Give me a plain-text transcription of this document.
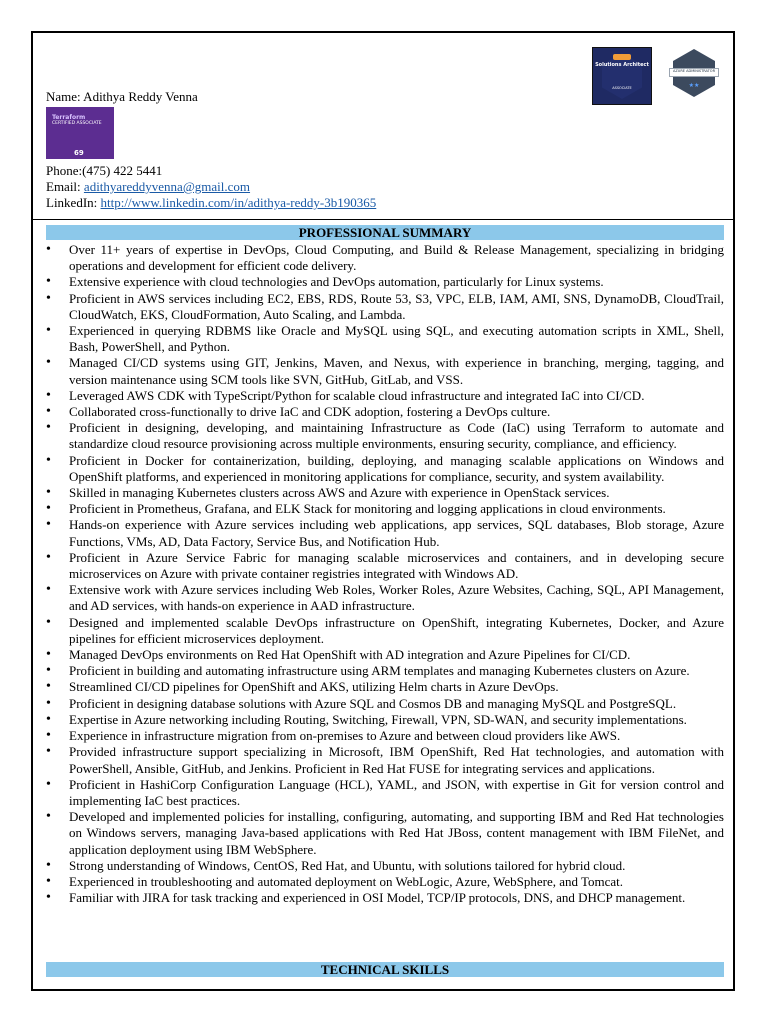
Solutions Architect
ASSOCIATE
AZURE ADMINISTRATOR
★★
Name: Adithya Reddy Venna
Terraform
CERTIFIED ASSOCIATE
69
Phone:(475) 422 5441
Email: adithyareddyvenna@gmail.com
LinkedIn: http://www.linkedin.com/in/adithya-reddy-3b190365
PROFESSIONAL SUMMARY
• Over 11+ years of expertise in DevOps, Cloud Computing, and Build & Release Management, specializing in bridging operations and development for efficient code delivery.
• Extensive experience with cloud technologies and DevOps automation, particularly for Linux systems.
• Proficient in AWS services including EC2, EBS, RDS, Route 53, S3, VPC, ELB, IAM, AMI, SNS, DynamoDB, CloudTrail, CloudWatch, EKS, CloudFormation, Auto Scaling, and Lambda.
• Experienced in querying RDBMS like Oracle and MySQL using SQL, and executing automation scripts in XML, Shell, Bash, PowerShell, and Python.
• Managed CI/CD systems using GIT, Jenkins, Maven, and Nexus, with experience in branching, merging, tagging, and version maintenance using SCM tools like SVN, GitHub, GitLab, and VSS.
• Leveraged AWS CDK with TypeScript/Python for scalable cloud infrastructure and integrated IaC into CI/CD.
• Collaborated cross-functionally to drive IaC and CDK adoption, fostering a DevOps culture.
• Proficient in designing, developing, and maintaining Infrastructure as Code (IaC) using Terraform to automate and standardize cloud resource provisioning across multiple environments, ensuring security, compliance, and efficiency.
• Proficient in Docker for containerization, building, deploying, and managing scalable applications on Windows and OpenShift platforms, and experienced in monitoring applications for compliance, security, and system availability.
• Skilled in managing Kubernetes clusters across AWS and Azure with experience in OpenStack services.
• Proficient in Prometheus, Grafana, and ELK Stack for monitoring and logging applications in cloud environments.
• Hands-on experience with Azure services including web applications, app services, SQL databases, Blob storage, Azure Functions, VMs, AD, Data Factory, Service Bus, and Notification Hub.
• Proficient in Azure Service Fabric for managing scalable microservices and containers, and in developing secure microservices on Azure with private container registries integrated with Windows AD.
• Extensive work with Azure services including Web Roles, Worker Roles, Azure Websites, Caching, SQL, API Management, and AD services, with hands-on experience in AAD infrastructure.
• Designed and implemented scalable DevOps infrastructure on OpenShift, integrating Kubernetes, Docker, and Azure pipelines for efficient microservices deployment.
• Managed DevOps environments on Red Hat OpenShift with AD integration and Azure Pipelines for CI/CD.
• Proficient in building and automating infrastructure using ARM templates and managing Kubernetes clusters on Azure.
• Streamlined CI/CD pipelines for OpenShift and AKS, utilizing Helm charts in Azure DevOps.
• Proficient in designing database solutions with Azure SQL and Cosmos DB and managing MySQL and PostgreSQL.
• Expertise in Azure networking including Routing, Switching, Firewall, VPN, SD-WAN, and security implementations.
• Experience in infrastructure migration from on-premises to Azure and between cloud providers like AWS.
• Provided infrastructure support specializing in Microsoft, IBM OpenShift, Red Hat technologies, and automation with PowerShell, Ansible, GitHub, and Jenkins. Proficient in Red Hat FUSE for integrating services and applications.
• Proficient in HashiCorp Configuration Language (HCL), YAML, and JSON, with expertise in Git for version control and implementing IaC best practices.
• Developed and implemented policies for installing, configuring, automating, and supporting IBM and Red Hat technologies on Windows servers, managing Java-based applications with Red Hat JBoss, content management with IBM FileNet, and application deployment using IBM WebSphere.
• Strong understanding of Windows, CentOS, Red Hat, and Ubuntu, with solutions tailored for hybrid cloud.
• Experienced in troubleshooting and automated deployment on WebLogic, Azure, WebSphere, and Tomcat.
• Familiar with JIRA for task tracking and experienced in OSI Model, TCP/IP protocols, DNS, and DHCP management.
TECHNICAL SKILLS
